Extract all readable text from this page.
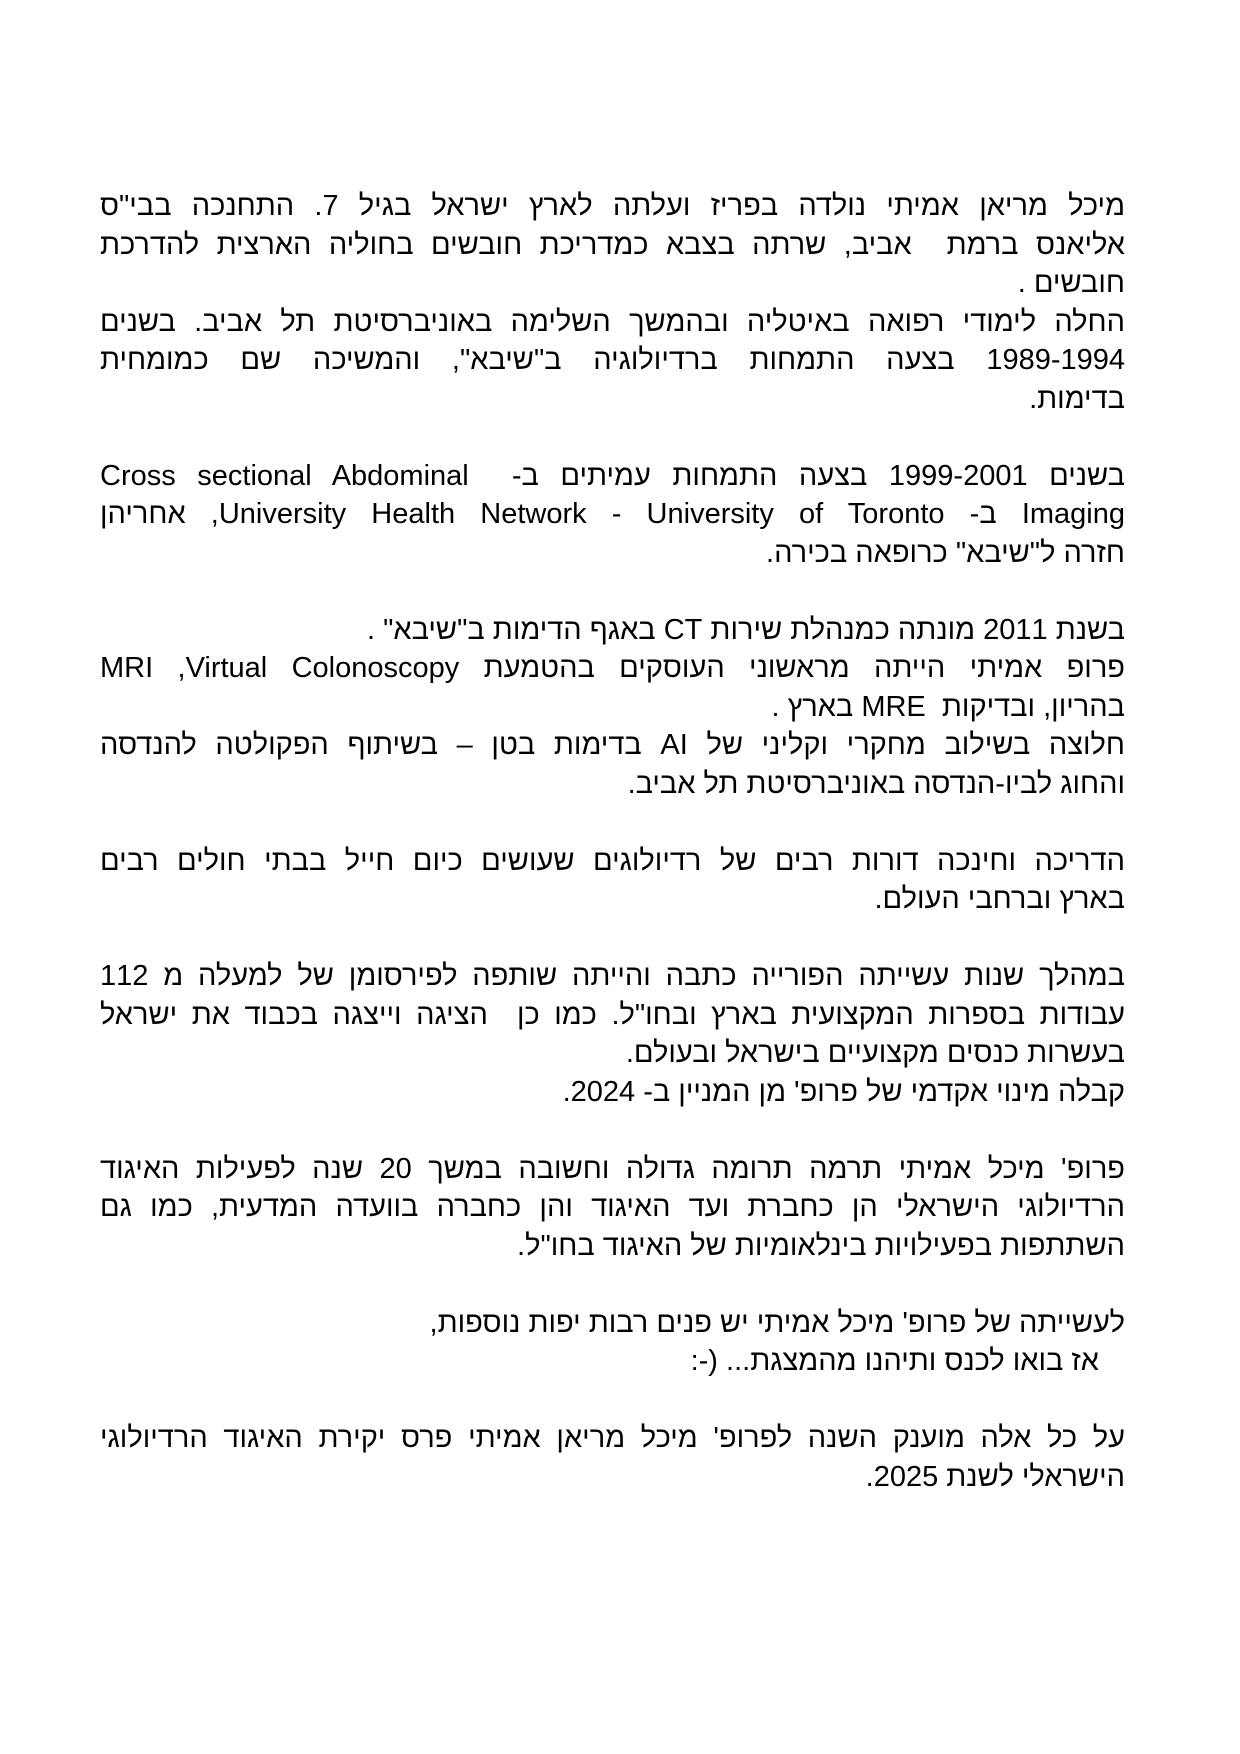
מיכל מריאן אמיתי נולדה בפריז ועלתה לארץ ישראל בגיל 7. התחנכה בבי"ס
אליאנס ברמת  אביב, שרתה בצבא כמדריכת חובשים בחוליה הארצית להדרכת
חובשים .
החלה לימודי רפואה באיטליה ובהמשך השלימה באוניברסיטת תל אביב. בשנים
1989-1994 בצעה התמחות ברדיולוגיה ב"שיבא", והמשיכה שם כמומחית
בדימות.

בשנים 1999-2001 בצעה התמחות עמיתים ב-  Cross sectional Abdominal
Imaging ב- University Health Network - University of Toronto, אחריהן
חזרה ל"שיבא" כרופאה בכירה.

בשנת 2011 מונתה כמנהלת שירות CT באגף הדימות ב"שיבא" .
פרופ אמיתי הייתה מראשוני העוסקים בהטמעת Virtual Colonoscopy‏, MRI
בהריון, ובדיקות  MRE בארץ .
חלוצה בשילוב מחקרי וקליני של AI בדימות בטן – בשיתוף הפקולטה להנדסה
והחוג לביו-הנדסה באוניברסיטת תל אביב.

הדריכה וחינכה דורות רבים של רדיולוגים שעושים כיום חייל בבתי חולים רבים
בארץ וברחבי העולם.

במהלך שנות עשייתה הפורייה כתבה והייתה שותפה לפירסומן של למעלה מ 112
עבודות בספרות המקצועית בארץ ובחו"ל. כמו כן  הציגה וייצגה בכבוד את ישראל
בעשרות כנסים מקצועיים בישראל ובעולם.
קבלה מינוי אקדמי של פרופ' מן המניין ב- 2024.

פרופ' מיכל אמיתי תרמה תרומה גדולה וחשובה במשך 20 שנה לפעילות האיגוד
הרדיולוגי הישראלי הן כחברת ועד האיגוד והן כחברה בוועדה המדעית, כמו גם
השתתפות בפעילויות בינלאומיות של האיגוד בחו"ל.

לעשייתה של פרופ' מיכל אמיתי יש פנים רבות יפות נוספות,
אז בואו לכנס ותיהנו מהמצגת... (-:

על כל אלה מוענק השנה לפרופ' מיכל מריאן אמיתי פרס יקירת האיגוד הרדיולוגי
הישראלי לשנת 2025.
